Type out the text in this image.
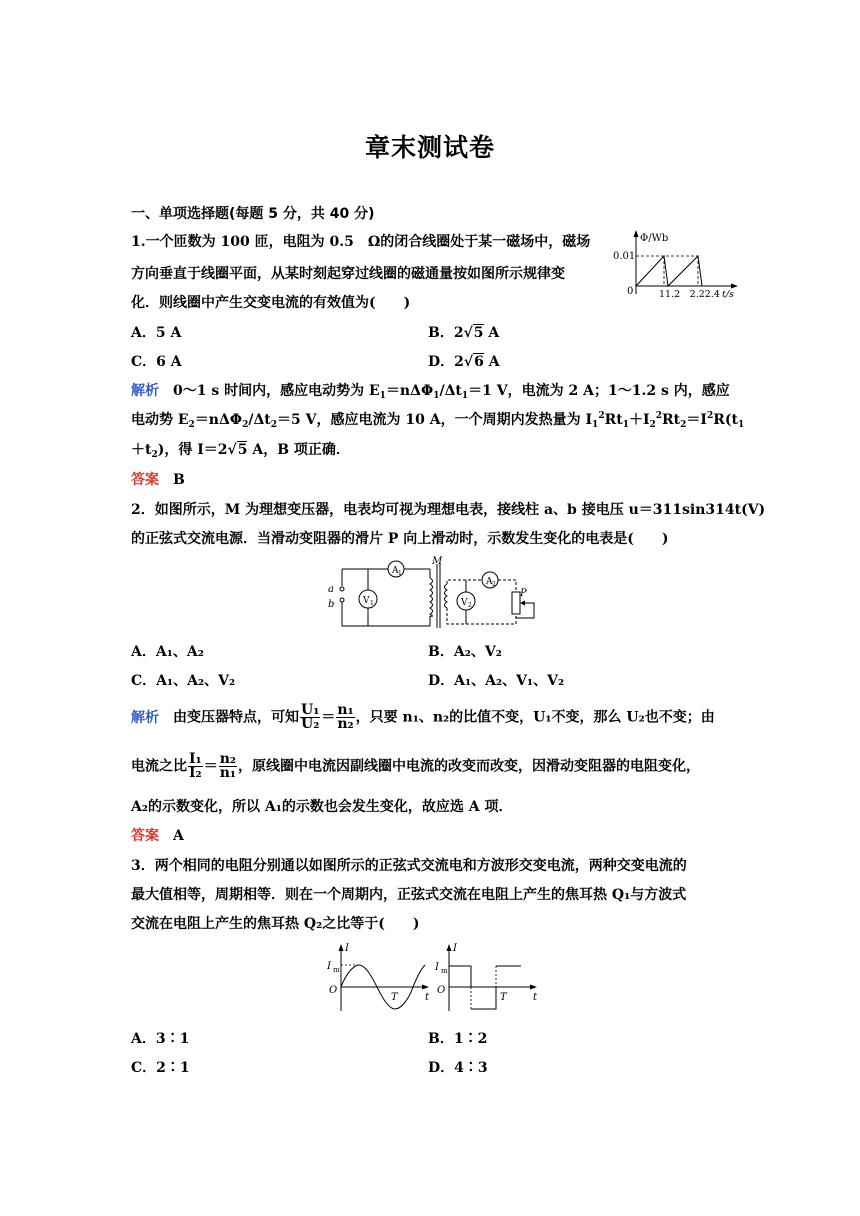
章末测试卷
一、单项选择题(每题 5 分，共 40 分)
1.一个匝数为 100 匝，电阻为 0.5　Ω的闭合线圈处于某一磁场中，磁场
方向垂直于线圈平面，从某时刻起穿过线圈的磁通量按如图所示规律变
化．则线圈中产生交变电流的有效值为(　　)
Φ/Wb
0.01
0	11.2　2.22.4 t/s
A．5 A	B．2√5 A
C．6 A	D．2√6 A
解析 0～1 s 时间内，感应电动势为 $E_1=n\Delta\Phi_1/\Delta t_1=1$ V，电流为 2 A；1～1.2 s 内，感应
电动势 $E_2=n\Delta\Phi_2/\Delta t_2=5$ V，感应电流为 10 A，一个周期内发热量为 $I_1^2Rt_1+I_2^2Rt_2=I^2R(t_1$
$+t_2$)，得 I＝2√5 A，B 项正确．
答案 B
2．如图所示，M 为理想变压器，电表均可视为理想电表，接线柱 a、b 接电压 u＝311sin314t(V)
的正弦式交流电源．当滑动变阻器的滑片 P 向上滑动时，示数发生变化的电表是(　　)
a
b
A 1
V 1
M
A 2
V 2
P
A．A₁、A₂	B．A₂、V₂
C．A₁、A₂、V₂	D．A₁、A₂、V₁、V₂
解析 由变压器特点，可知 $\frac{\text{U₁}}{\text{U₂}} = \frac{\text{n₁}}{\text{n₂}}$ ，只要 n₁、n₂的比值不变，U₁不变，那么 U₂也不变；由
电流之比 $\frac{\text{I₁}}{\text{I₂}} = \frac{\text{n₂}}{\text{n₁}}$ ，原线圈中电流因副线圈中电流的改变而改变，因滑动变阻器的电阻变化，
A₂的示数变化，所以 A₁的示数也会发生变化，故应选 A 项．
答案 A
3．两个相同的电阻分别通以如图所示的正弦式交流电和方波形交变电流，两种交变电流的
最大值相等，周期相等．则在一个周期内，正弦式交流在电阻上产生的焦耳热 Q₁与方波式
交流在电阻上产生的焦耳热 Q₂之比等于(　　)
I
I m
O
T	t
I
I m
O
T	t
A．3∶1	B．1∶2
C．2∶1	D．4∶3
